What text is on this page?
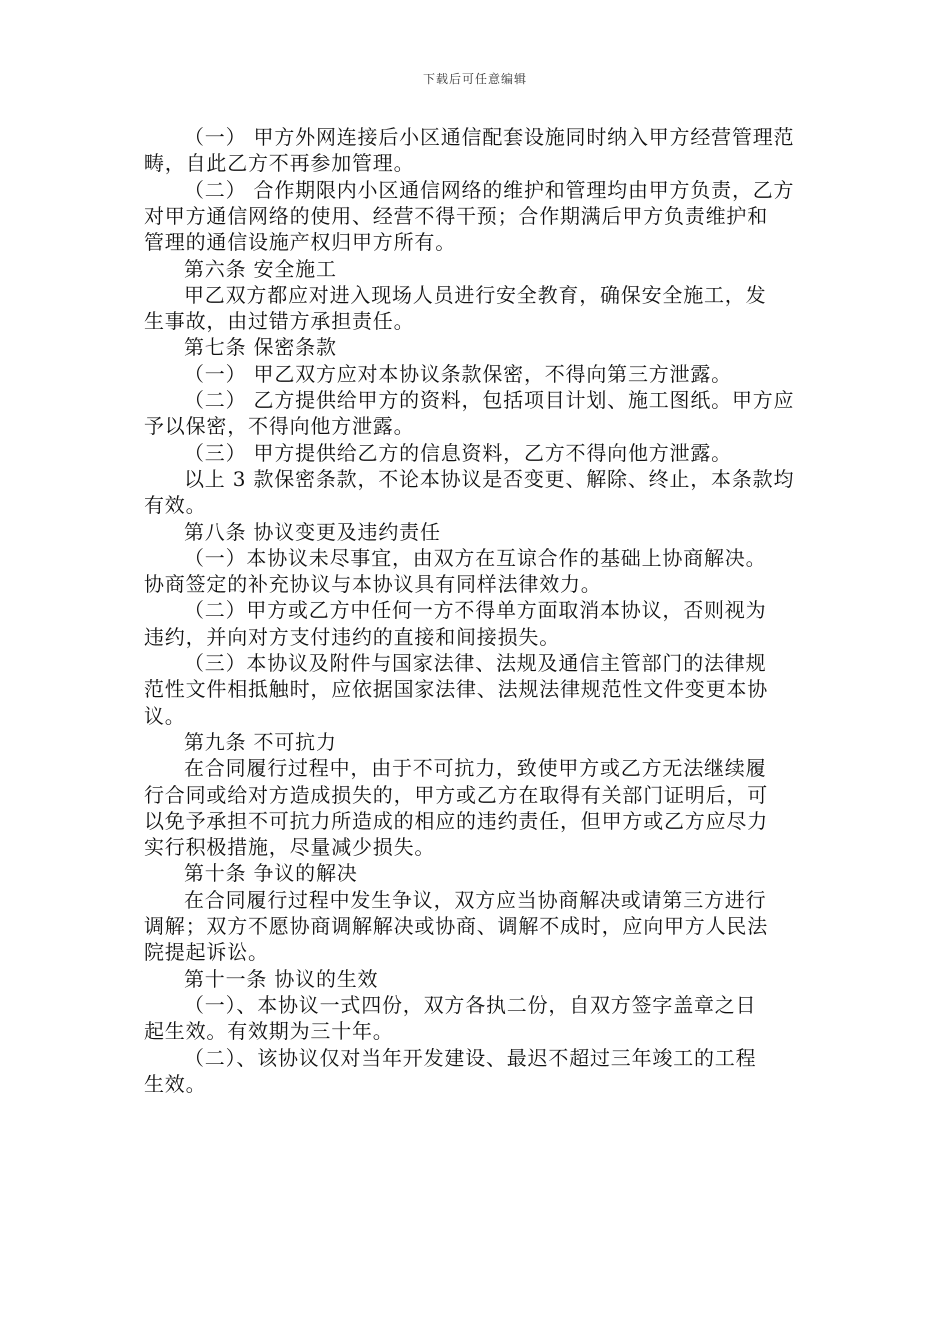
下载后可任意编辑
（一） 甲方外网连接后小区通信配套设施同时纳入甲方经营管理范
畴，自此乙方不再参加管理。
（二） 合作期限内小区通信网络的维护和管理均由甲方负责，乙方
对甲方通信网络的使用、经营不得干预；合作期满后甲方负责维护和
管理的通信设施产权归甲方所有。
第六条 安全施工
甲乙双方都应对进入现场人员进行安全教育，确保安全施工，发
生事故，由过错方承担责任。
第七条 保密条款
（一） 甲乙双方应对本协议条款保密，不得向第三方泄露。
（二） 乙方提供给甲方的资料，包括项目计划、施工图纸。甲方应
予以保密，不得向他方泄露。
（三） 甲方提供给乙方的信息资料，乙方不得向他方泄露。
以上 3 款保密条款，不论本协议是否变更、解除、终止，本条款均
有效。
第八条 协议变更及违约责任
（一）本协议未尽事宜，由双方在互谅合作的基础上协商解决。
协商签定的补充协议与本协议具有同样法律效力。
（二）甲方或乙方中任何一方不得单方面取消本协议，否则视为
违约，并向对方支付违约的直接和间接损失。
（三）本协议及附件与国家法律、法规及通信主管部门的法律规
范性文件相抵触时，应依据国家法律、法规法律规范性文件变更本协
议。
第九条 不可抗力
在合同履行过程中，由于不可抗力，致使甲方或乙方无法继续履
行合同或给对方造成损失的，甲方或乙方在取得有关部门证明后，可
以免予承担不可抗力所造成的相应的违约责任，但甲方或乙方应尽力
实行积极措施，尽量减少损失。
第十条 争议的解决
在合同履行过程中发生争议，双方应当协商解决或请第三方进行
调解；双方不愿协商调解解决或协商、调解不成时，应向甲方人民法
院提起诉讼。
第十一条 协议的生效
（一）、本协议一式四份，双方各执二份，自双方签字盖章之日
起生效。有效期为三十年。
（二）、该协议仅对当年开发建设、最迟不超过三年竣工的工程
生效。
